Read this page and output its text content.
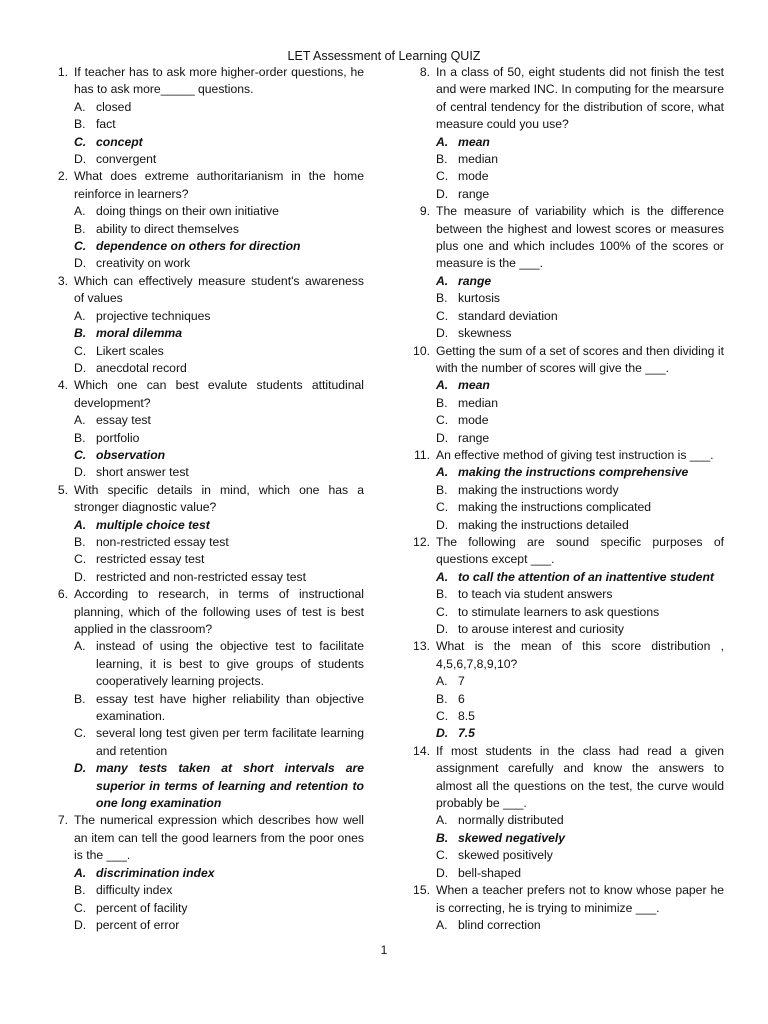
LET Assessment of Learning QUIZ
1. If teacher has to ask more higher-order questions, he has to ask more_____ questions.
A. closed
B. fact
C. concept
D. convergent
2. What does extreme authoritarianism in the home reinforce in learners?
A. doing things on their own initiative
B. ability to direct themselves
C. dependence on others for direction
D. creativity on work
3. Which can effectively measure student's awareness of values
A. projective techniques
B. moral dilemma
C. Likert scales
D. anecdotal record
4. Which one can best evalute students attitudinal development?
A. essay test
B. portfolio
C. observation
D. short answer test
5. With specific details in mind, which one has a stronger diagnostic value?
A. multiple choice test
B. non-restricted essay test
C. restricted essay test
D. restricted and non-restricted essay test
6. According to research, in terms of instructional planning, which of the following uses of test is best applied in the classroom?
A. instead of using the objective test to facilitate learning, it is best to give groups of students cooperatively learning projects.
B. essay test have higher reliability than objective examination.
C. several long test given per term facilitate learning and retention
D. many tests taken at short intervals are superior in terms of learning and retention to one long examination
7. The numerical expression which describes how well an item can tell the good learners from the poor ones is the ___.
A. discrimination index
B. difficulty index
C. percent of facility
D. percent of error
8. In a class of 50, eight students did not finish the test and were marked INC. In computing for the mearsure of central tendency for the distribution of score, what measure could you use?
A. mean
B. median
C. mode
D. range
9. The measure of variability which is the difference between the highest and lowest scores or measures plus one and which includes 100% of the scores or measure is the ___.
A. range
B. kurtosis
C. standard deviation
D. skewness
10. Getting the sum of a set of scores and then dividing it with the number of scores will give the ___.
A. mean
B. median
C. mode
D. range
11. An effective method of giving test instruction is ___.
A. making the instructions comprehensive
B. making the instructions wordy
C. making the instructions complicated
D. making the instructions detailed
12. The following are sound specific purposes of questions except ___.
A. to call the attention of an inattentive student
B. to teach via student answers
C. to stimulate learners to ask questions
D. to arouse interest and curiosity
13. What is the mean of this score distribution , 4,5,6,7,8,9,10?
A. 7
B. 6
C. 8.5
D. 7.5
14. If most students in the class had read a given assignment carefully and know the answers to almost all the questions on the test, the curve would probably be ___.
A. normally distributed
B. skewed negatively
C. skewed positively
D. bell-shaped
15. When a teacher prefers not to know whose paper he is correcting, he is trying to minimize ___.
A. blind correction
1
